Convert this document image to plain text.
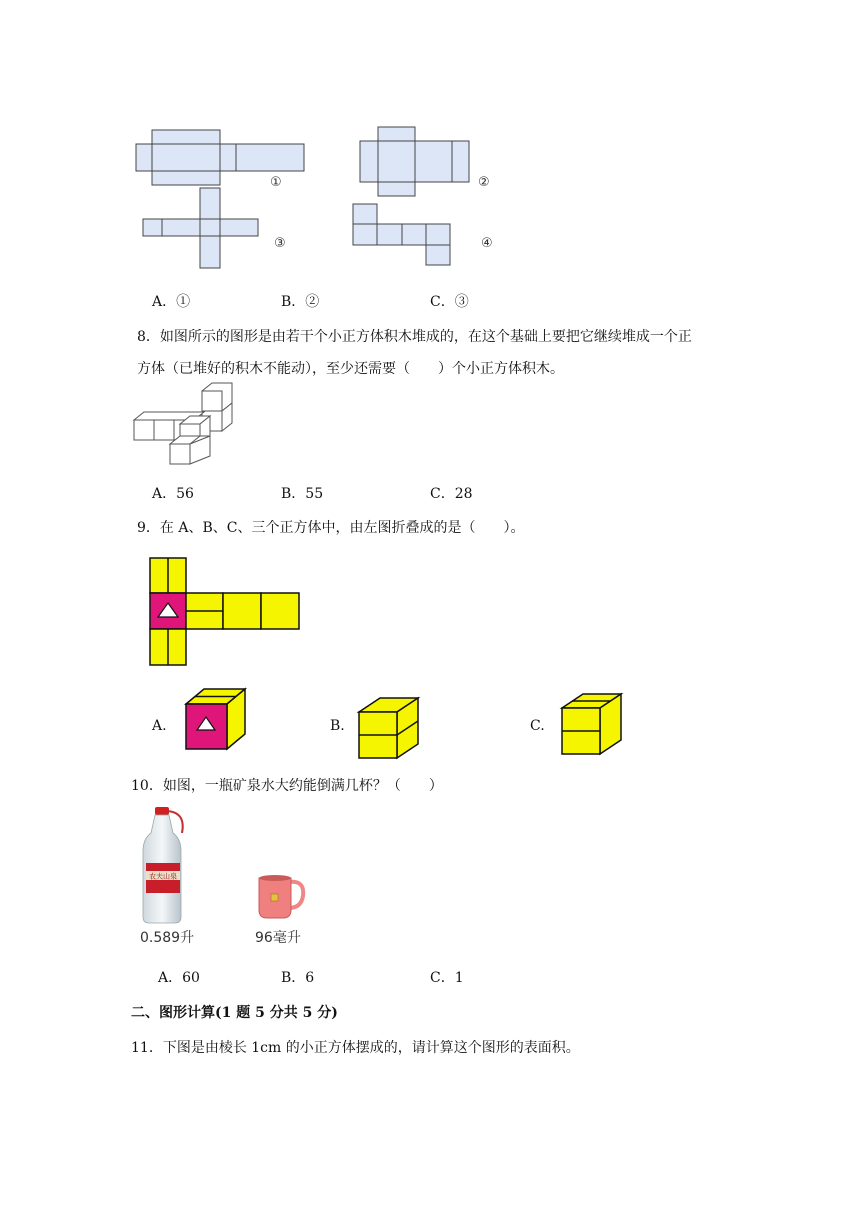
①	②
③	④
A．①	B．②	C．③
8．如图所示的图形是由若干个小正方体积木堆成的，在这个基础上要把它继续堆成一个正
方体（已堆好的积木不能动），至少还需要（　　）个小正方体积木。
A．56	B．55	C．28
9．在 A、B、C、三个正方体中，由左图折叠成的是（　　）。
A.	B.	C.
10．如图，一瓶矿泉水大约能倒满几杯？（　　）
农夫山泉
0.589升	96毫升
A．60	B．6	C．1
二、图形计算(1 题 5 分共 5 分)
11．下图是由棱长 1cm 的小正方体摆成的，请计算这个图形的表面积。
